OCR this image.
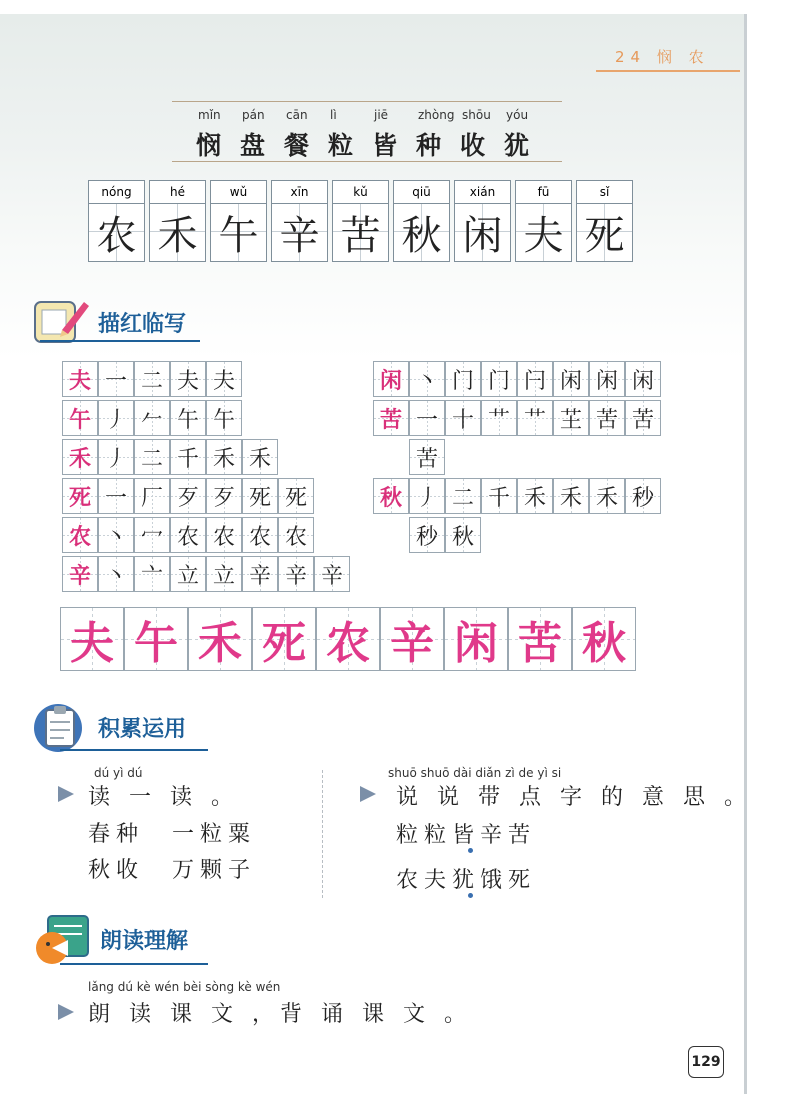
24 悯 农
mǐn
悯
pán
盘
cān
餐
lì
粒
jiē
皆
zhòng
种
shōu
收
yóu
犹
nóng
农
hé
禾
wǔ
午
xīn
辛
kǔ
苦
qiū
秋
xián
闲
fū
夫
sǐ
死
描红临写
夫 一 二 夫 夫
午 丿 𠂉 午 午
禾 丿 二 千 禾 禾
死 一 厂 歹 歹 死 死
农 丶 冖 农 农 农 农
辛 丶 亠 立 立 辛 辛 辛
闲 丶 门 门 闩 闲 闲 闲
苦 一 十 艹 艹 芏 苦 苦
苦
秋 丿 二 千 禾 禾 禾 秒
秒 秋
夫 午 禾 死 农 辛 闲 苦 秋
积累运用
dú yì dú
读 一 读 。
春种　一粒粟
秋收　万颗子
shuō shuō dài diǎn zì de yì si
说 说 带 点 字 的 意 思 。
粒粒皆辛苦
农夫犹饿死
朗读理解
lǎng dú kè wén bèi sòng kè wén
朗 读 课 文 ，背 诵 课 文 。
129
